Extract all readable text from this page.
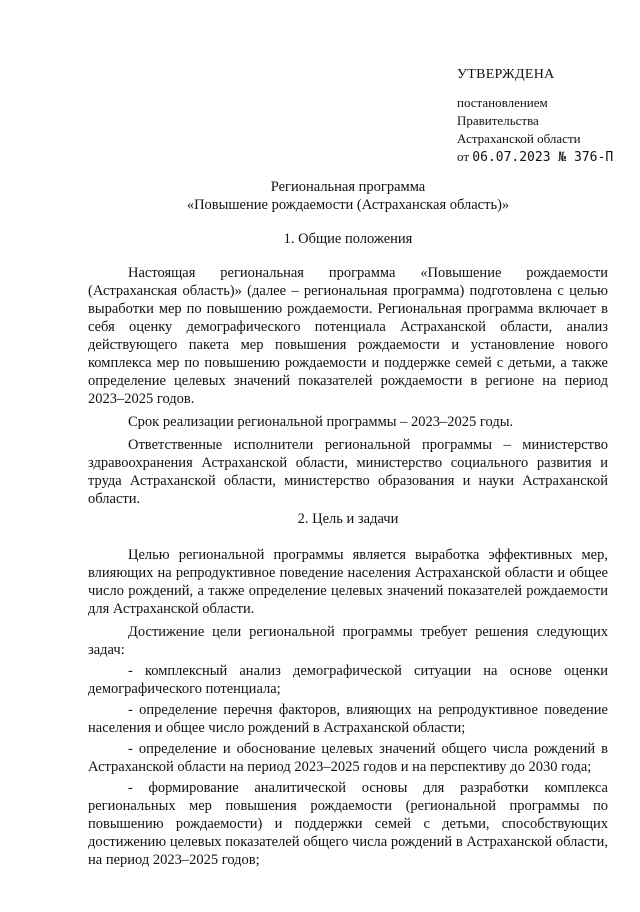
УТВЕРЖДЕНА
постановлением
Правительства
Астраханской области
от 06.07.2023 № 376-П
Региональная программа
«Повышение рождаемости (Астраханская область)»
1. Общие положения

Настоящая региональная программа «Повышение рождаемости (Астраханская область)» (далее – региональная программа) подготовлена с целью выработки мер по повышению рождаемости. Региональная программа включает в себя оценку демографического потенциала Астраханской области, анализ действующего пакета мер повышения рождаемости и установление нового комплекса мер по повышению рождаемости и поддержке семей с детьми, а также определение целевых значений показателей рождаемости в регионе на период 2023–2025 годов.

Срок реализации региональной программы – 2023–2025 годы.

Ответственные исполнители региональной программы – министерство здравоохранения Астраханской области, министерство социального развития и труда Астраханской области, министерство образования и науки Астраханской области.

2. Цель и задачи

Целью региональной программы является выработка эффективных мер, влияющих на репродуктивное поведение населения Астраханской области и общее число рождений, а также определение целевых значений показателей рождаемости для Астраханской области.

Достижение цели региональной программы требует решения следующих задач:

- комплексный анализ демографической ситуации на основе оценки демографического потенциала;

- определение перечня факторов, влияющих на репродуктивное поведение населения и общее число рождений в Астраханской области;

- определение и обоснование целевых значений общего числа рождений в Астраханской области на период 2023–2025 годов и на перспективу до 2030 года;

- формирование аналитической основы для разработки комплекса региональных мер повышения рождаемости (региональной программы по повышению рождаемости) и поддержки семей с детьми, способствующих достижению целевых показателей общего числа рождений в Астраханской области, на период 2023–2025 годов;
